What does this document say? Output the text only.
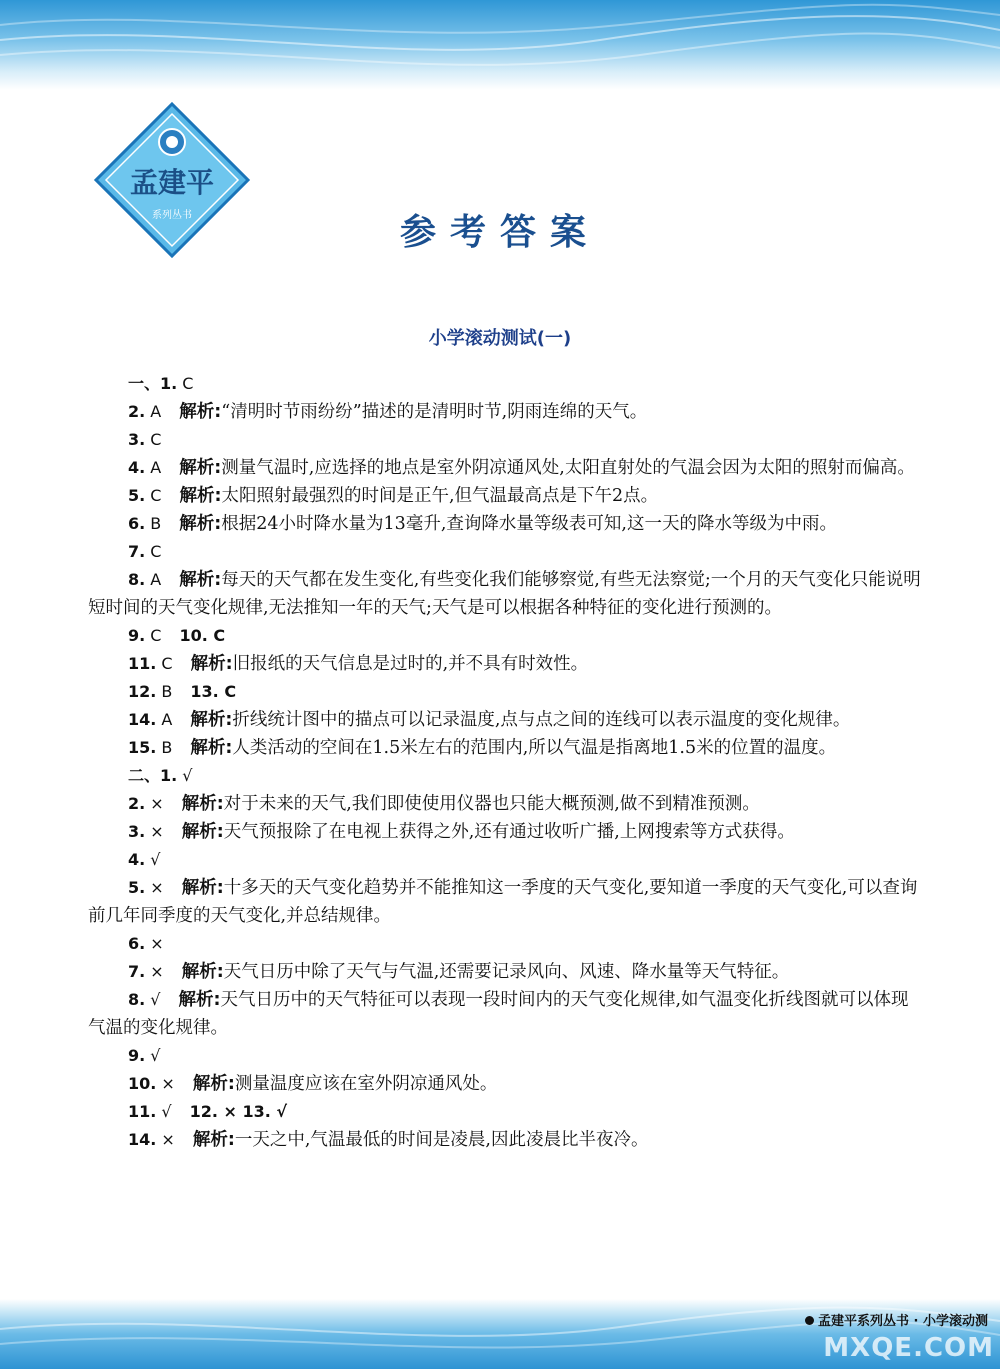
孟建平
系列丛书	参考答案
小学滚动测试(一)
一、1. C
2. A 解析:“清明时节雨纷纷”描述的是清明时节,阴雨连绵的天气。
3. C
4. A 解析:测量气温时,应选择的地点是室外阴凉通风处,太阳直射处的气温会因为太阳的照射而偏高。
5. C 解析:太阳照射最强烈的时间是正午,但气温最高点是下午2点。
6. B 解析:根据24小时降水量为13毫升,查询降水量等级表可知,这一天的降水等级为中雨。
7. C
8. A 解析:每天的天气都在发生变化,有些变化我们能够察觉,有些无法察觉;一个月的天气变化只能说明短时间的天气变化规律,无法推知一年的天气;天气是可以根据各种特征的变化进行预测的。
9. C 10. C
11. C 解析:旧报纸的天气信息是过时的,并不具有时效性。
12. B 13. C
14. A 解析:折线统计图中的描点可以记录温度,点与点之间的连线可以表示温度的变化规律。
15. B 解析:人类活动的空间在1.5米左右的范围内,所以气温是指离地1.5米的位置的温度。
二、1. √
2. × 解析:对于未来的天气,我们即使使用仪器也只能大概预测,做不到精准预测。
3. × 解析:天气预报除了在电视上获得之外,还有通过收听广播,上网搜索等方式获得。
4. √
5. × 解析:十多天的天气变化趋势并不能推知这一季度的天气变化,要知道一季度的天气变化,可以查询前几年同季度的天气变化,并总结规律。
6. ×
7. × 解析:天气日历中除了天气与气温,还需要记录风向、风速、降水量等天气特征。
8. √ 解析:天气日历中的天气特征可以表现一段时间内的天气变化规律,如气温变化折线图就可以体现气温的变化规律。
9. √
10. × 解析:测量温度应该在室外阴凉通风处。
11. √ 12. × 13. √
14. × 解析:一天之中,气温最低的时间是凌晨,因此凌晨比半夜冷。
孟建平系列丛书 · 小学滚动测
MXQE.COM
